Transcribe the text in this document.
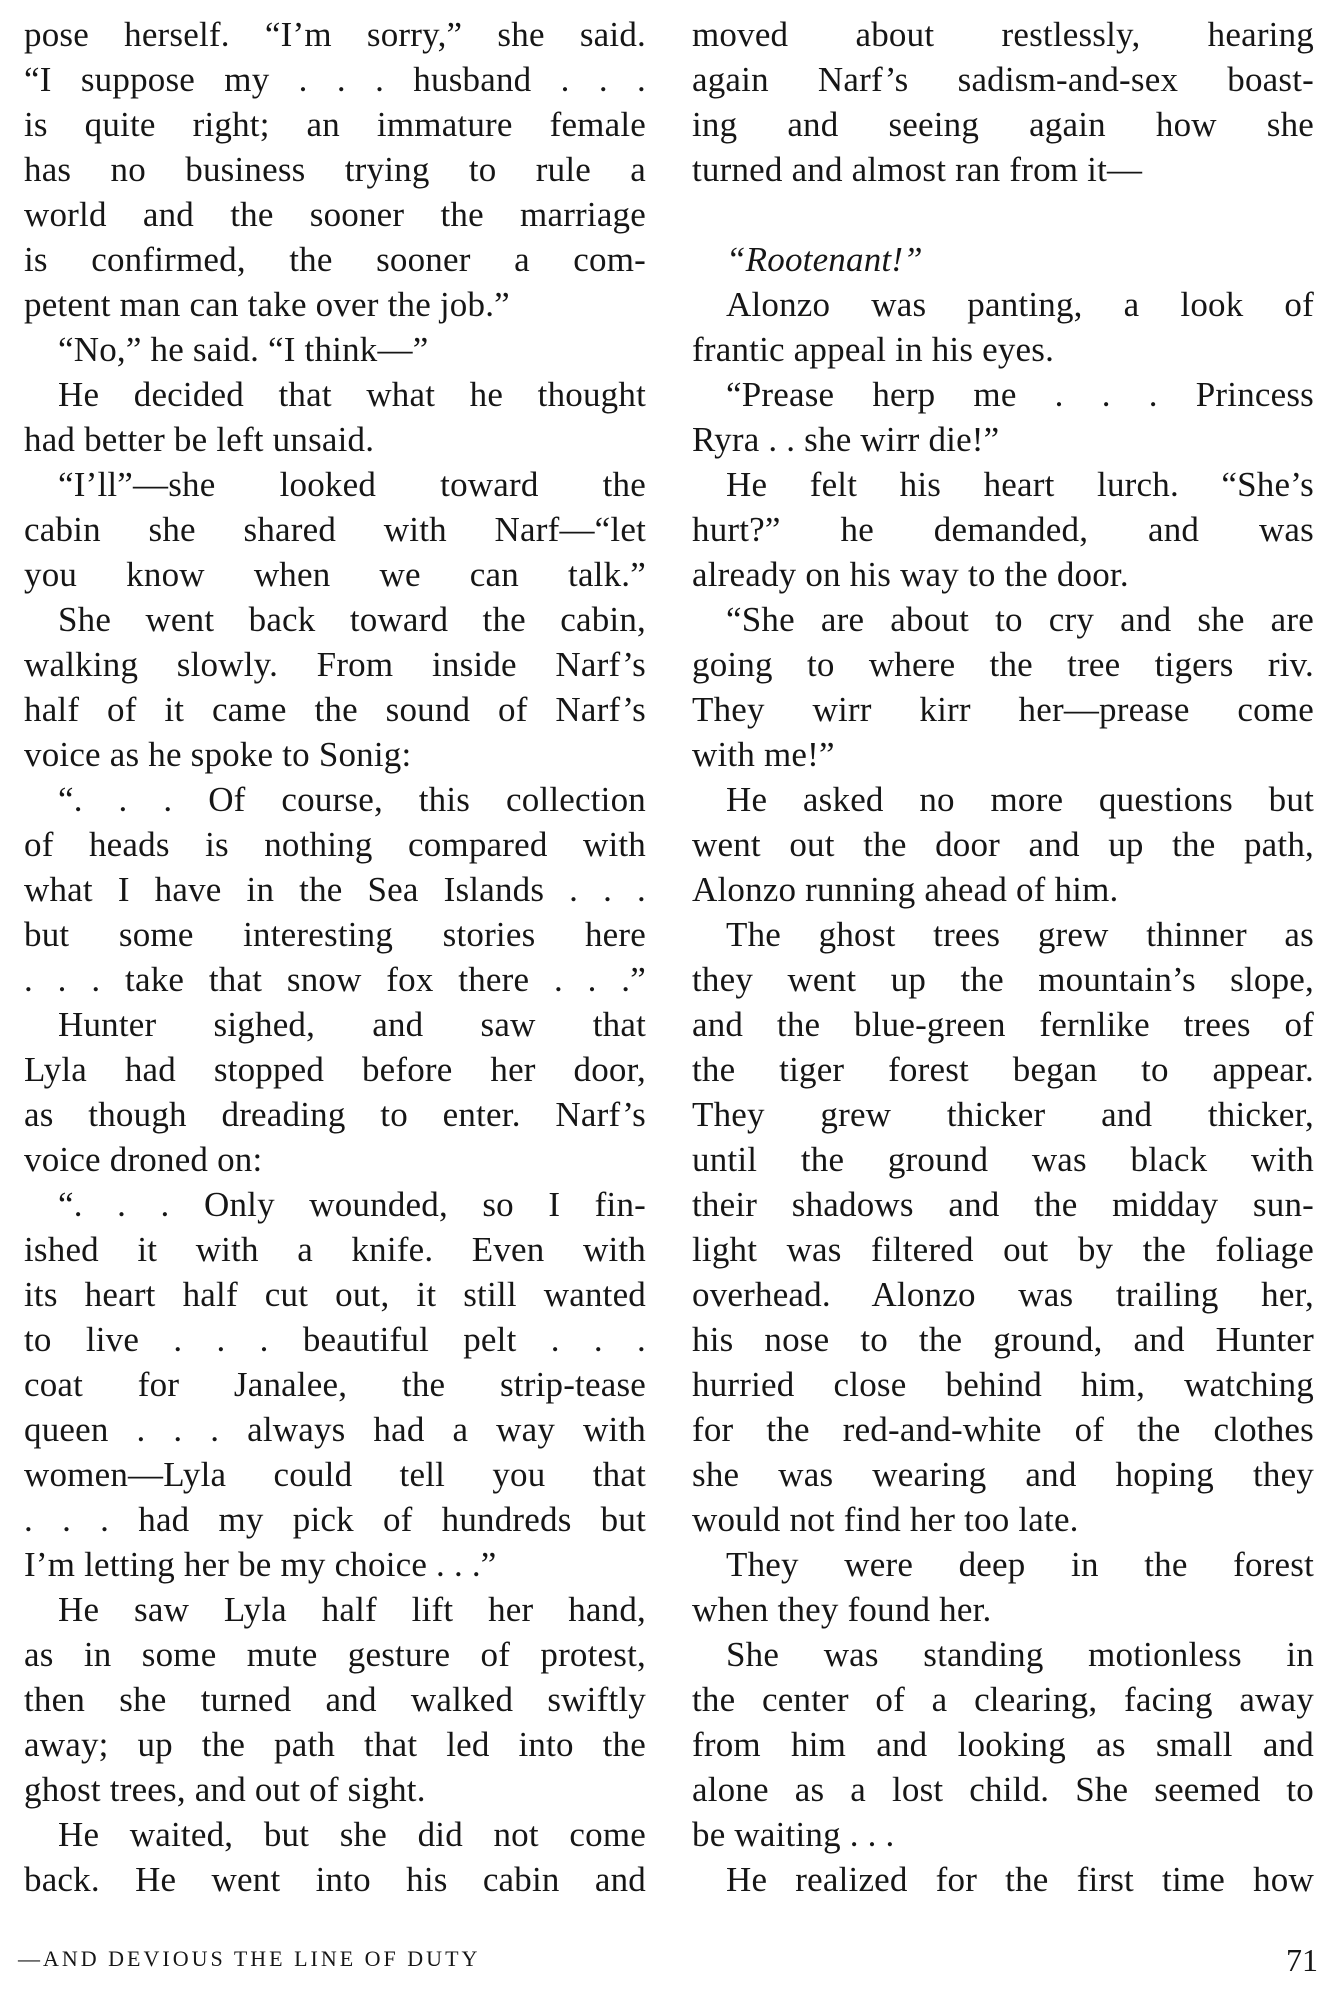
pose herself. “I’m sorry,” she said.
“I suppose my . . . husband . . .
is quite right; an immature female
has no business trying to rule a
world and the sooner the marriage
is confirmed, the sooner a com-
petent man can take over the job.”
“No,” he said. “I think—”
He decided that what he thought
had better be left unsaid.
“I’ll”—she looked toward the
cabin she shared with Narf—“let
you know when we can talk.”
She went back toward the cabin,
walking slowly. From inside Narf’s
half of it came the sound of Narf’s
voice as he spoke to Sonig:
“. . . Of course, this collection
of heads is nothing compared with
what I have in the Sea Islands . . .
but some interesting stories here
. . . take that snow fox there . . .”
Hunter sighed, and saw that
Lyla had stopped before her door,
as though dreading to enter. Narf’s
voice droned on:
“. . . Only wounded, so I fin-
ished it with a knife. Even with
its heart half cut out, it still wanted
to live . . . beautiful pelt . . .
coat for Janalee, the strip-tease
queen . . . always had a way with
women—Lyla could tell you that
. . . had my pick of hundreds but
I’m letting her be my choice . . .”
He saw Lyla half lift her hand,
as in some mute gesture of protest,
then she turned and walked swiftly
away; up the path that led into the
ghost trees, and out of sight.
He waited, but she did not come
back. He went into his cabin and
moved about restlessly, hearing
again Narf’s sadism-and-sex boast-
ing and seeing again how she
turned and almost ran from it—
“Rootenant!”
Alonzo was panting, a look of
frantic appeal in his eyes.
“Prease herp me . . . Princess
Ryra . . she wirr die!”
He felt his heart lurch. “She’s
hurt?” he demanded, and was
already on his way to the door.
“She are about to cry and she are
going to where the tree tigers riv.
They wirr kirr her—prease come
with me!”
He asked no more questions but
went out the door and up the path,
Alonzo running ahead of him.
The ghost trees grew thinner as
they went up the mountain’s slope,
and the blue-green fernlike trees of
the tiger forest began to appear.
They grew thicker and thicker,
until the ground was black with
their shadows and the midday sun-
light was filtered out by the foliage
overhead. Alonzo was trailing her,
his nose to the ground, and Hunter
hurried close behind him, watching
for the red-and-white of the clothes
she was wearing and hoping they
would not find her too late.
They were deep in the forest
when they found her.
She was standing motionless in
the center of a clearing, facing away
from him and looking as small and
alone as a lost child. She seemed to
be waiting . . .
He realized for the first time how
—AND DEVIOUS THE LINE OF DUTY	71
